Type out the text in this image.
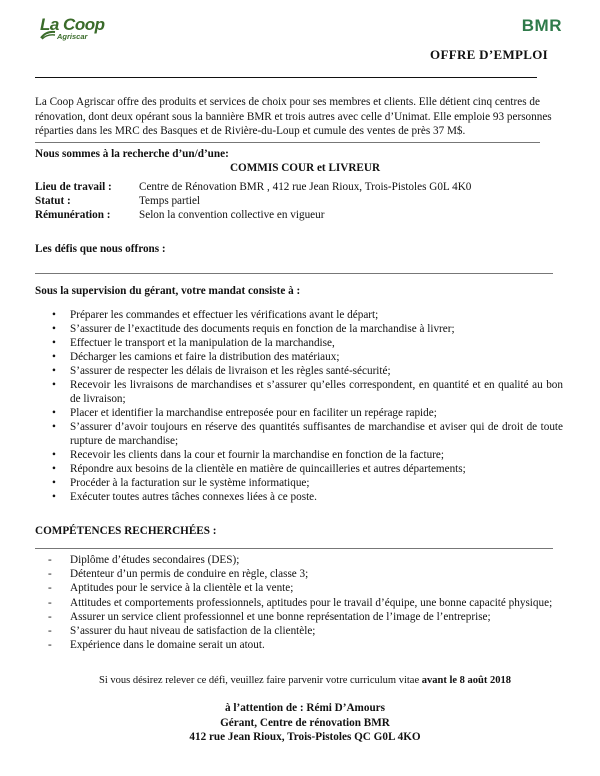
La Coop
Agriscar
BMR
OFFRE D’EMPLOI
La Coop Agriscar offre des produits et services de choix pour ses membres et clients. Elle détient cinq centres de rénovation, dont deux opérant sous la bannière BMR et trois autres avec celle d’Unimat. Elle emploie 93 personnes réparties dans les MRC des Basques et de Rivière-du-Loup et cumule des ventes de près 37 M$.
Nous sommes à la recherche d’un/d’une:
COMMIS COUR et LIVREUR
Lieu de travail : Centre de Rénovation BMR , 412 rue Jean Rioux, Trois-Pistoles G0L 4K0
Statut :	Temps partiel
Rémunération :	Selon la convention collective en vigueur
Les défis que nous offrons :
Sous la supervision du gérant, votre mandat consiste à :
• Préparer les commandes et effectuer les vérifications avant le départ;
• S’assurer de l’exactitude des documents requis en fonction de la marchandise à livrer;
• Effectuer le transport et la manipulation de la marchandise,
• Décharger les camions et faire la distribution des matériaux;
• S’assurer de respecter les délais de livraison et les règles santé-sécurité;
• Recevoir les livraisons de marchandises et s’assurer qu’elles correspondent, en quantité et en qualité au bon de livraison;
• Placer et identifier la marchandise entreposée pour en faciliter un repérage rapide;
• S’assurer d’avoir toujours en réserve des quantités suffisantes de marchandise et aviser qui de droit de toute rupture de marchandise;
• Recevoir les clients dans la cour et fournir la marchandise en fonction de la facture;
• Répondre aux besoins de la clientèle en matière de quincailleries et autres départements;
• Procéder à la facturation sur le système informatique;
• Exécuter toutes autres tâches connexes liées à ce poste.
COMPÉTENCES RECHERCHÉES :
- Diplôme d’études secondaires (DES);
- Détenteur d’un permis de conduire en règle, classe 3;
- Aptitudes pour le service à la clientèle et la vente;
- Attitudes et comportements professionnels, aptitudes pour le travail d’équipe, une bonne capacité physique;
- Assurer un service client professionnel et une bonne représentation de l’image de l’entreprise;
- S’assurer du haut niveau de satisfaction de la clientèle;
- Expérience dans le domaine serait un atout.
Si vous désirez relever ce défi, veuillez faire parvenir votre curriculum vitae avant le 8 août 2018
à l’attention de : Rémi D’Amours
Gérant, Centre de rénovation BMR
412 rue Jean Rioux, Trois-Pistoles QC G0L 4KO
